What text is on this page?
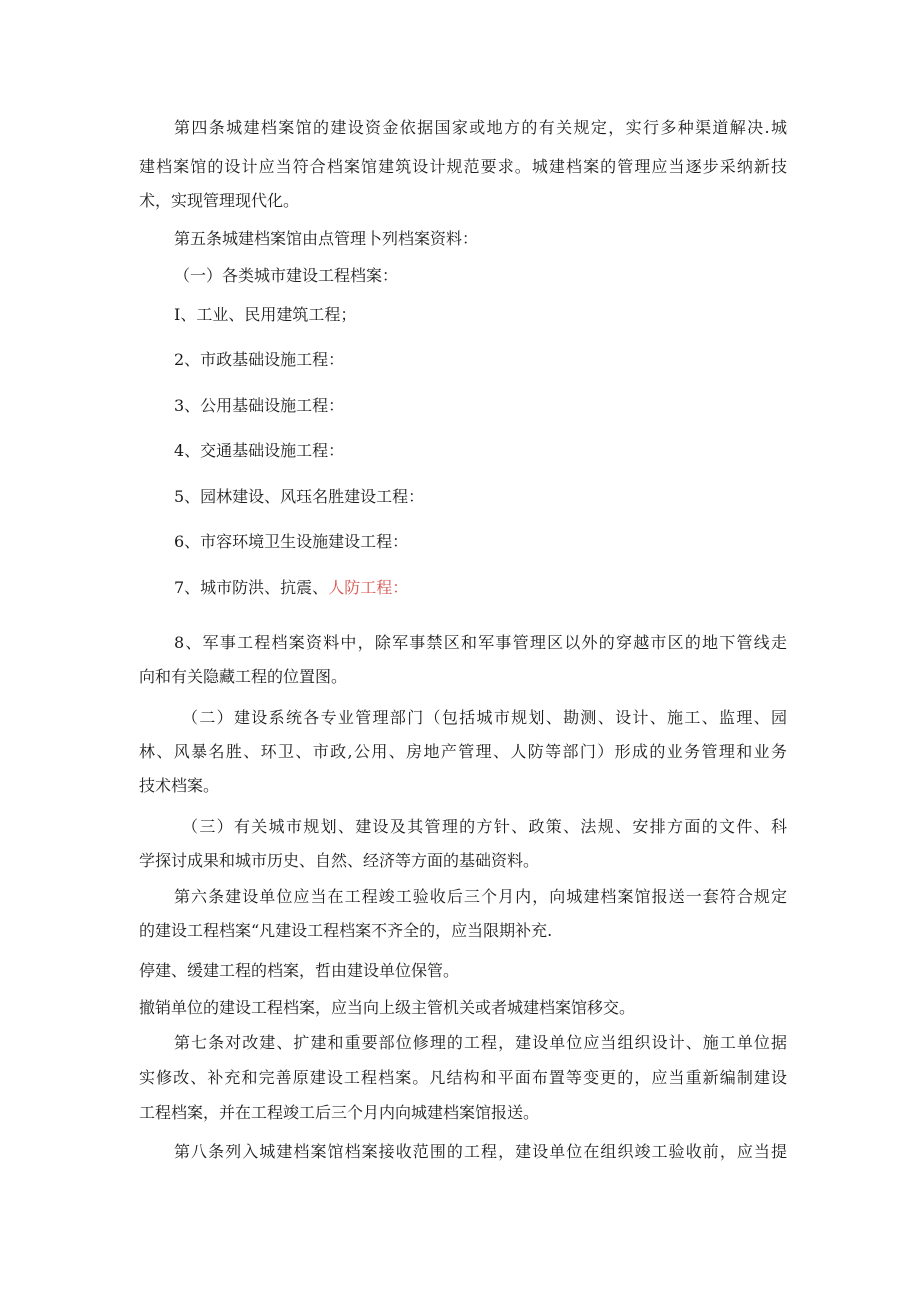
第四条城建档案馆的建设资金依据国家或地方的有关规定，实行多种渠道解决.城
建档案馆的设计应当符合档案馆建筑设计规范要求。城建档案的管理应当逐步采纳新技
术，实现管理现代化。
第五条城建档案馆由点管理卜列档案资料：
（一）各类城市建设工程档案：
I、工业、民用建筑工程；
2、市政基础设施工程：
3、公用基础设施工程：
4、交通基础设施工程：
5、园林建设、风珏名胜建设工程：
6、市容环境卫生设施建设工程：
7、城市防洪、抗震、人防工程：
8、军事工程档案资料中，除军事禁区和军事管理区以外的穿越市区的地下管线走
向和有关隐藏工程的位置图。
（二）建设系统各专业管理部门（包括城市规划、勘测、设计、施工、监理、园
林、风暴名胜、环卫、市政,公用、房地产管理、人防等部门）形成的业务管理和业务
技术档案。
（三）有关城市规划、建设及其管理的方针、政策、法规、安排方面的文件、科
学探讨成果和城市历史、自然、经济等方面的基础资料。
第六条建设单位应当在工程竣工验收后三个月内，向城建档案馆报送一套符合规定
的建设工程档案“凡建设工程档案不齐全的，应当限期补充.
停建、缓建工程的档案，哲由建设单位保管。
撤销单位的建设工程档案，应当向上级主管机关或者城建档案馆移交。
第七条对改建、扩建和重要部位修理的工程，建设单位应当组织设计、施工单位据
实修改、补充和完善原建设工程档案。凡结构和平面布置等变更的，应当重新编制建设
工程档案，并在工程竣工后三个月内向城建档案馆报送。
第八条列入城建档案馆档案接收范围的工程，建设单位在组织竣工验收前，应当提
